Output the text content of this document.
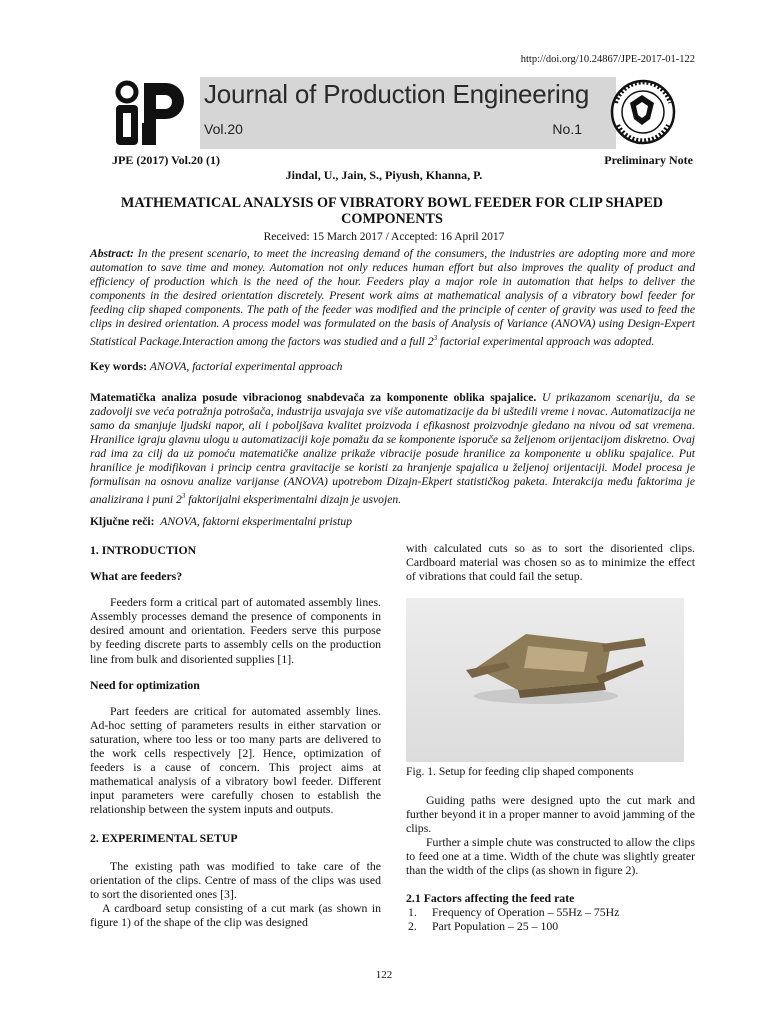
http://doi.org/10.24867/JPE-2017-01-122
Journal of Production Engineering
Vol.20	No.1
JPE (2017) Vol.20 (1)	Preliminary Note
Jindal, U., Jain, S., Piyush, Khanna, P.
MATHEMATICAL ANALYSIS OF VIBRATORY BOWL FEEDER FOR CLIP SHAPED COMPONENTS
Received: 15 March 2017 / Accepted: 16 April 2017
Abstract: In the present scenario, to meet the increasing demand of the consumers, the industries are adopting more and more automation to save time and money. Automation not only reduces human effort but also improves the quality of product and efficiency of production which is the need of the hour. Feeders play a major role in automation that helps to deliver the components in the desired orientation discretely. Present work aims at mathematical analysis of a vibratory bowl feeder for feeding clip shaped components. The path of the feeder was modified and the principle of center of gravity was used to feed the clips in desired orientation. A process model was formulated on the basis of Analysis of Variance (ANOVA) using Design-Expert Statistical Package.Interaction among the factors was studied and a full $2^3$ factorial experimental approach was adopted.
Key words: ANOVA, factorial experimental approach
Matematička analiza posude vibracionog snabdevača za komponente oblika spajalice. U prikazanom scenariju, da se zadovolji sve veća potražnja potrošača, industrija usvajaja sve više automatizacije da bi uštedili vreme i novac. Automatizacija ne samo da smanjuje ljudski napor, ali i poboljšava kvalitet proizvoda i efikasnost proizvodnje gledano na nivou od sat vremena. Hranilice igraju glavnu ulogu u automatizaciji koje pomažu da se komponente isporuče sa željenom orijentacijom diskretno. Ovaj rad ima za cilj da uz pomoću matematičke analize prikaže vibracije posude hranilice za komponente u obliku spajalice. Put hranilice je modifikovan i princip centra gravitacije se koristi za hranjenje spajalica u željenoj orijentaciji. Model procesa je formulisan na osnovu analize varijanse (ANOVA) upotrebom Dizajn-Ekpert statističkog paketa. Interakcija među faktorima je analizirana i puni $2^3$ faktorijalni eksperimentalni dizajn je usvojen.
Ključne reči: ANOVA, faktorni eksperimentalni pristup
1. INTRODUCTION
What are feeders?

Feeders form a critical part of automated assembly lines. Assembly processes demand the presence of components in desired amount and orientation. Feeders serve this purpose by feeding discrete parts to assembly cells on the production line from bulk and disoriented supplies [1].

Need for optimization

Part feeders are critical for automated assembly lines. Ad-hoc setting of parameters results in either starvation or saturation, where too less or too many parts are delivered to the work cells respectively [2]. Hence, optimization of feeders is a cause of concern. This project aims at mathematical analysis of a vibratory bowl feeder. Different input parameters were carefully chosen to establish the relationship between the system inputs and outputs.

2. EXPERIMENTAL SETUP

The existing path was modified to take care of the orientation of the clips. Centre of mass of the clips was used to sort the disoriented ones [3].

A cardboard setup consisting of a cut mark (as shown in figure 1) of the shape of the clip was designed

with calculated cuts so as to sort the disoriented clips. Cardboard material was chosen so as to minimize the effect of vibrations that could fail the setup.

Fig. 1. Setup for feeding clip shaped components

Guiding paths were designed upto the cut mark and further beyond it in a proper manner to avoid jamming of the clips.

Further a simple chute was constructed to allow the clips to feed one at a time. Width of the chute was slightly greater than the width of the clips (as shown in figure 2).

2.1 Factors affecting the feed rate
1. Frequency of Operation – 55Hz – 75Hz
2. Part Population – 25 – 100
122
